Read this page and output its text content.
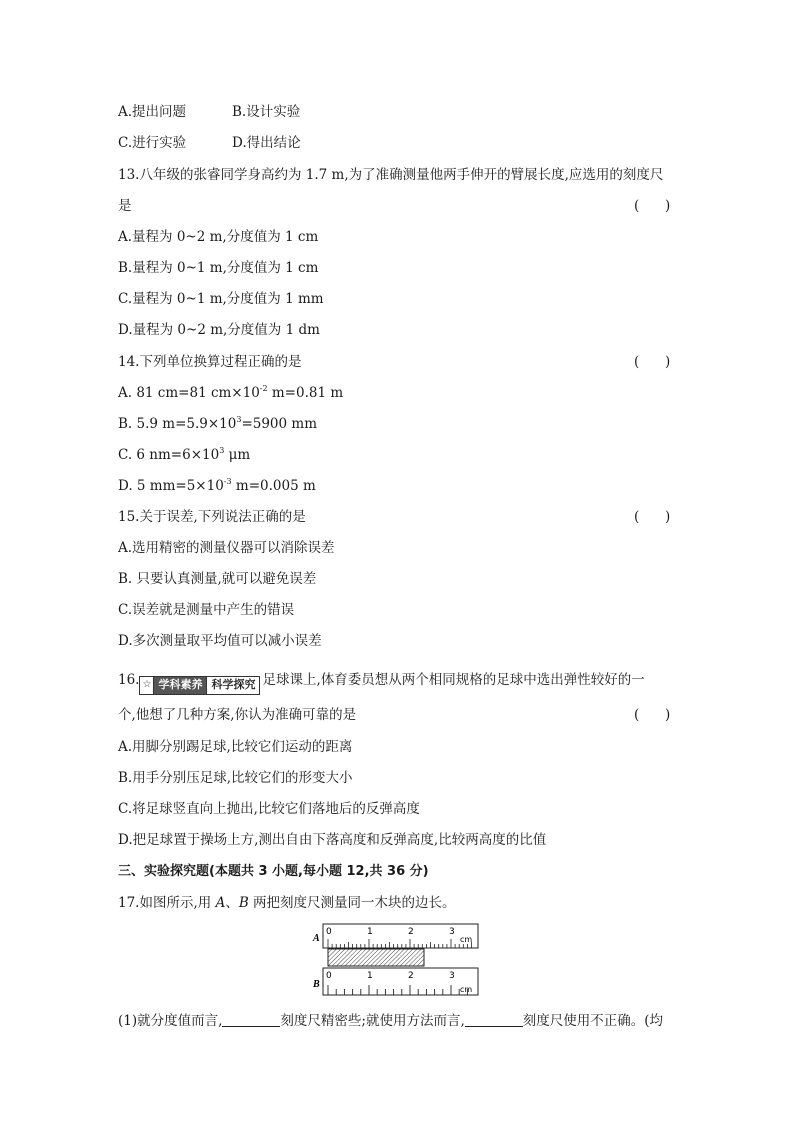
A.提出问题	B.设计实验
C.进行实验	D.得出结论
13.八年级的张睿同学身高约为 1.7 m,为了准确测量他两手伸开的臂展长度,应选用的刻度尺
是	(      )
A.量程为 0~2 m,分度值为 1 cm
B.量程为 0~1 m,分度值为 1 cm
C.量程为 0~1 m,分度值为 1 mm
D.量程为 0~2 m,分度值为 1 dm
14.下列单位换算过程正确的是	(      )
A. 81 cm=81 $cm\times 10^{-2}$ m=0.81 m
B. 5.9 $m=5.9\times 10^3=5900$ mm
C. 6 $nm=6\times 10^3$ μm
D. 5 $mm=5\times 10^{-3}$ m=0.005 m
15.关于误差,下列说法正确的是	(      )
A.选用精密的测量仪器可以消除误差
B. 只要认真测量,就可以避免误差
C.误差就是测量中产生的错误
D.多次测量取平均值可以减小误差
16. ☆ 学科素养 科学探究 足球课上,体育委员想从两个相同规格的足球中选出弹性较好的一
个,他想了几种方案,你认为准确可靠的是	(      )
A.用脚分别踢足球,比较它们运动的距离
B.用手分别压足球,比较它们的形变大小
C.将足球竖直向上抛出,比较它们落地后的反弹高度
D.把足球置于操场上方,测出自由下落高度和反弹高度,比较两高度的比值
三、实验探究题(本题共 3 小题,每小题 12,共 36 分)
17.如图所示,用 A、B 两把刻度尺测量同一木块的边长。
A
0	1	2	3
cm
B
0	1	2	3
cm
(1)就分度值而言,	刻度尺精密些;就使用方法而言,	刻度尺使用不正确。(均
